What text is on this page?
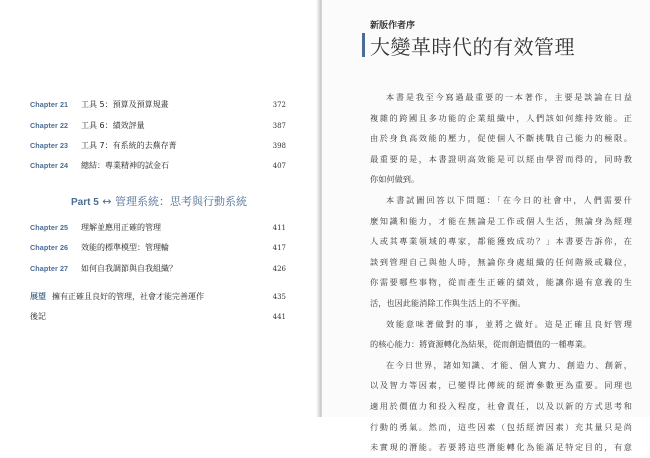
Chapter 21 工具 5：預算及預算規畫	372
Chapter 22 工具 6：績效評量	387
Chapter 23 工具 7：有系統的去蕪存菁	398
Chapter 24 總結：專業精神的試金石	407
Part 5 ↔ 管理系統：思考與行動系統
Chapter 25 理解並應用正確的管理	411
Chapter 26 效能的標準模型：管理輪	417
Chapter 27 如何自我調節與自我組織？	426
展望 擁有正確且良好的管理，社會才能完善運作	435
後記	441
新版作者序
大變革時代的有效管理
本書是我至今寫過最重要的一本著作，主要是談論在日益
複雜的跨國且多功能的企業組織中，人們該如何維持效能。正
由於身負高效能的壓力，促使個人不斷挑戰自己能力的極限。
最重要的是，本書證明高效能是可以經由學習而得的，同時教
你如何做到。
本書試圖回答以下問題：「在今日的社會中，人們需要什
麼知識和能力，才能在無論是工作或個人生活，無論身為經理
人或其專業領域的專家，都能獲致成功？」本書要告訴你，在
談到管理自己與他人時，無論你身處組織的任何階級或職位，
你需要哪些事物，從而產生正確的績效，能讓你過有意義的生
活，也因此能消除工作與生活上的不平衡。
效能意味著做對的事，並將之做好。這是正確且良好管理
的核心能力：將資源轉化為結果，從而創造價值的一種專業。
在今日世界，諸如知識、才能、個人實力、創造力、創新，
以及智力等因素，已變得比傳統的經濟參數更為重要。同理也
適用於價值力和投入程度，社會責任，以及以新的方式思考和
行動的勇氣。然而，這些因素（包括經濟因素）充其量只是尚
未實現的潛能。若要將這些潛能轉化為能滿足特定目的，有意
